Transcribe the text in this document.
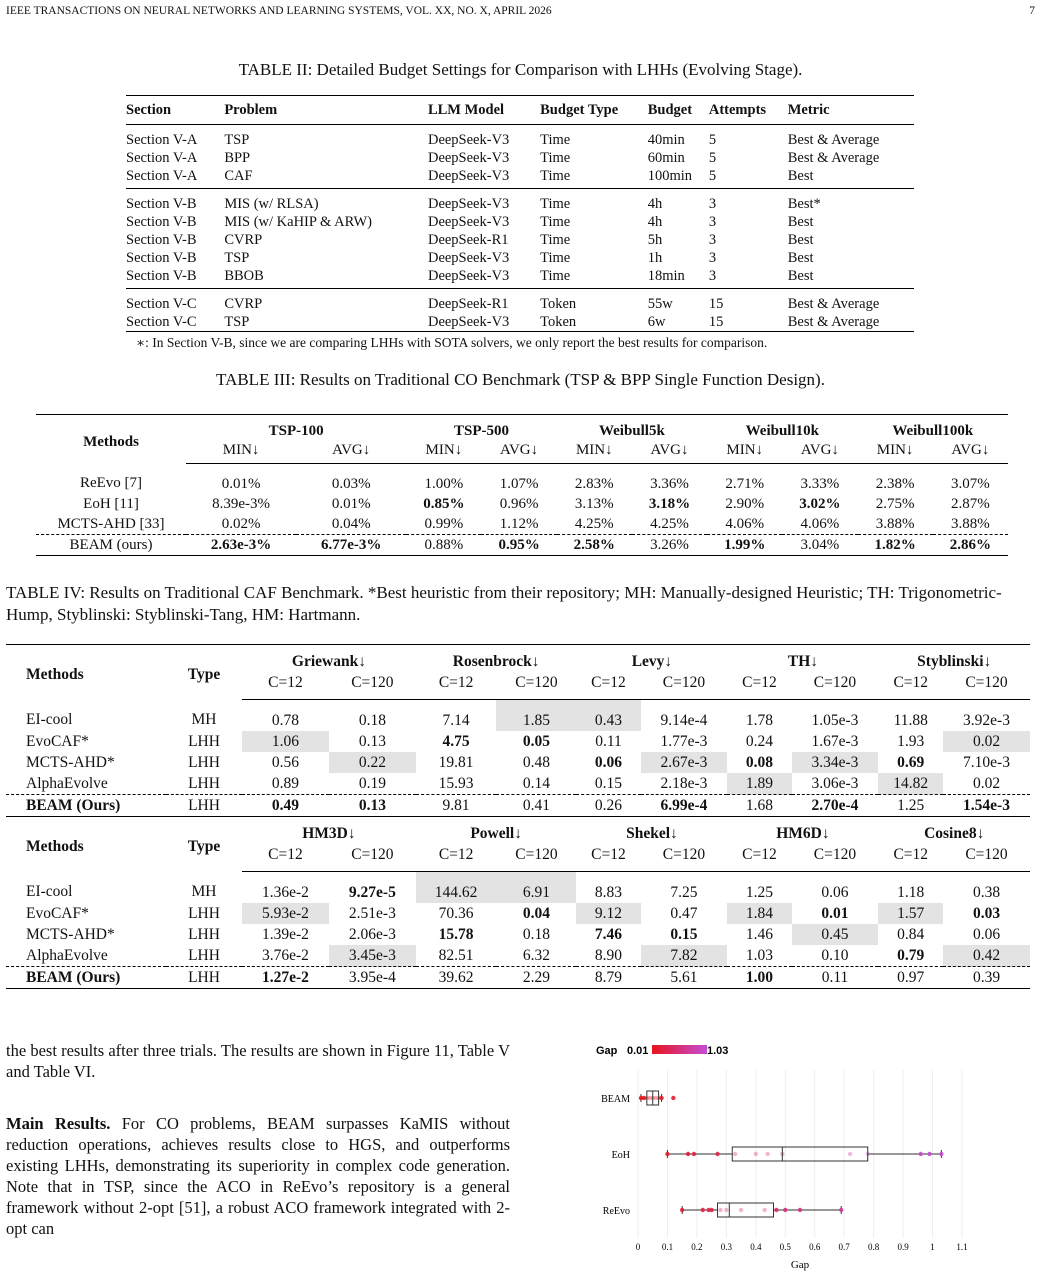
IEEE TRANSACTIONS ON NEURAL NETWORKS AND LEARNING SYSTEMS, VOL. XX, NO. X, APRIL 2026	7
TABLE II: Detailed Budget Settings for Comparison with LHHs (Evolving Stage).
Section	Problem	LLM Model	Budget Type	Budget	Attempts	Metric
Section V-A	TSP	DeepSeek-V3	Time	40min	5	Best & Average
Section V-A	BPP	DeepSeek-V3	Time	60min	5	Best & Average
Section V-A	CAF	DeepSeek-V3	Time	100min	5	Best
Section V-B	MIS (w/ RLSA)	DeepSeek-V3	Time	4h	3	Best*
Section V-B	MIS (w/ KaHIP & ARW)	DeepSeek-V3	Time	4h	3	Best
Section V-B	CVRP	DeepSeek-R1	Time	5h	3	Best
Section V-B	TSP	DeepSeek-V3	Time	1h	3	Best
Section V-B	BBOB	DeepSeek-V3	Time	18min	3	Best
Section V-C	CVRP	DeepSeek-R1	Token	55w	15	Best & Average
Section V-C	TSP	DeepSeek-V3	Token	6w	15	Best & Average
∗: In Section V-B, since we are comparing LHHs with SOTA solvers, we only report the best results for comparison.
TABLE III: Results on Traditional CO Benchmark (TSP & BPP Single Function Design).
Methods	TSP-100		TSP-500		Weibull5k		Weibull10k		Weibull100k	
	MIN↓	AVG↓	MIN↓	AVG↓	MIN↓	AVG↓	MIN↓	AVG↓	MIN↓	AVG↓
ReEvo [7]	0.01%	0.03%	1.00%	1.07%	2.83%	3.36%	2.71%	3.33%	2.38%	3.07%
EoH [11]	8.39e-3%	0.01%	0.85%	0.96%	3.13%	3.18%	2.90%	3.02%	2.75%	2.87%
MCTS-AHD [33]	0.02%	0.04%	0.99%	1.12%	4.25%	4.25%	4.06%	4.06%	3.88%	3.88%
BEAM (ours)	2.63e-3%	6.77e-3%	0.88%	0.95%	2.58%	3.26%	1.99%	3.04%	1.82%	2.86%
TABLE IV: Results on Traditional CAF Benchmark. *Best heuristic from their repository; MH: Manually-designed Heuristic; TH: Trigonometric-Hump, Styblinski: Styblinski-Tang, HM: Hartmann.
Methods	Type	Griewank↓		Rosenbrock↓		Levy↓		TH↓		Styblinski↓	
		C=12	C=120	C=12	C=120	C=12	C=120	C=12	C=120	C=12	C=120
EI-cool	MH	0.78	0.18	7.14	1.85	0.43	9.14e-4	1.78	1.05e-3	11.88	3.92e-3
EvoCAF*	LHH	1.06	0.13	4.75	0.05	0.11	1.77e-3	0.24	1.67e-3	1.93	0.02
MCTS-AHD*	LHH	0.56	0.22	19.81	0.48	0.06	2.67e-3	0.08	3.34e-3	0.69	7.10e-3
AlphaEvolve	LHH	0.89	0.19	15.93	0.14	0.15	2.18e-3	1.89	3.06e-3	14.82	0.02
BEAM (Ours)	LHH	0.49	0.13	9.81	0.41	0.26	6.99e-4	1.68	2.70e-4	1.25	1.54e-3
Methods	Type	HM3D↓		Powell↓		Shekel↓		HM6D↓		Cosine8↓	
		C=12	C=120	C=12	C=120	C=12	C=120	C=12	C=120	C=12	C=120
EI-cool	MH	1.36e-2	9.27e-5	144.62	6.91	8.83	7.25	1.25	0.06	1.18	0.38
EvoCAF*	LHH	5.93e-2	2.51e-3	70.36	0.04	9.12	0.47	1.84	0.01	1.57	0.03
MCTS-AHD*	LHH	1.39e-2	2.06e-3	15.78	0.18	7.46	0.15	1.46	0.45	0.84	0.06
AlphaEvolve	LHH	3.76e-2	3.45e-3	82.51	6.32	8.90	7.82	1.03	0.10	0.79	0.42
BEAM (Ours)	LHH	1.27e-2	3.95e-4	39.62	2.29	8.79	5.61	1.00	0.11	0.97	0.39
the best results after three trials. The results are shown in Figure 11, Table V and Table VI.
Main Results. For CO problems, BEAM surpasses KaMIS without reduction operations, achieves results close to HGS, and outperforms existing LHHs, demonstrating its superiority in complex code generation. Note that in TSP, since the ACO in ReEvo’s repository is a general framework without 2-opt [51], a robust ACO framework integrated with 2-opt can
Gap 0.01	1.03
0 0.1 0.2 0.3 0.4 0.5 0.6 0.7 0.8 0.9 1 1.1
Gap
BEAM
EoH
ReEvo
